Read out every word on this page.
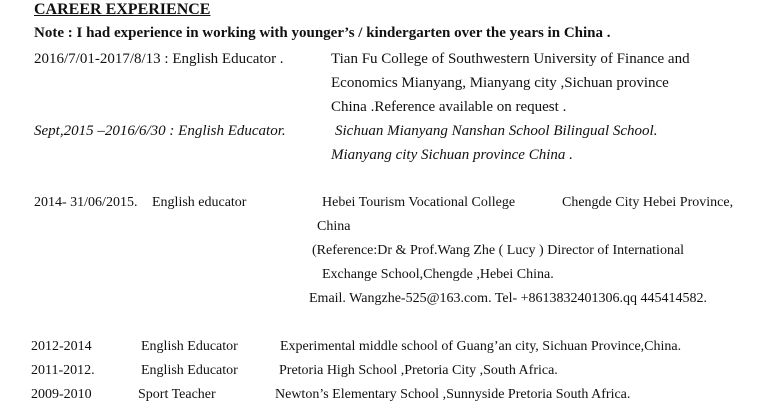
CAREER EXPERIENCE
Note : I had experience in working with younger’s / kindergarten over the years in China .
2016/7/01-2017/8/13 : English Educator .	Tian Fu College of Southwestern University of Finance and
Economics Mianyang, Mianyang city ,Sichuan province
China .Reference available on request .
Sept,2015 –2016/6/30 : English Educator.	Sichuan Mianyang Nanshan School Bilingual School.
Mianyang city Sichuan province China .
2014- 31/06/2015. English educator	Hebei Tourism Vocational College	Chengde City Hebei Province,
China
(Reference:Dr & Prof.Wang Zhe ( Lucy ) Director of International
Exchange School,Chengde ,Hebei China.
Email. Wangzhe-525@163.com. Tel- +8613832401306.qq 445414582.
2012-2014	English Educator	Experimental middle school of Guang’an city, Sichuan Province,China.
2011-2012.	English Educator	Pretoria High School ,Pretoria City ,South Africa.
2009-2010	Sport Teacher	Newton’s Elementary School ,Sunnyside Pretoria South Africa.
